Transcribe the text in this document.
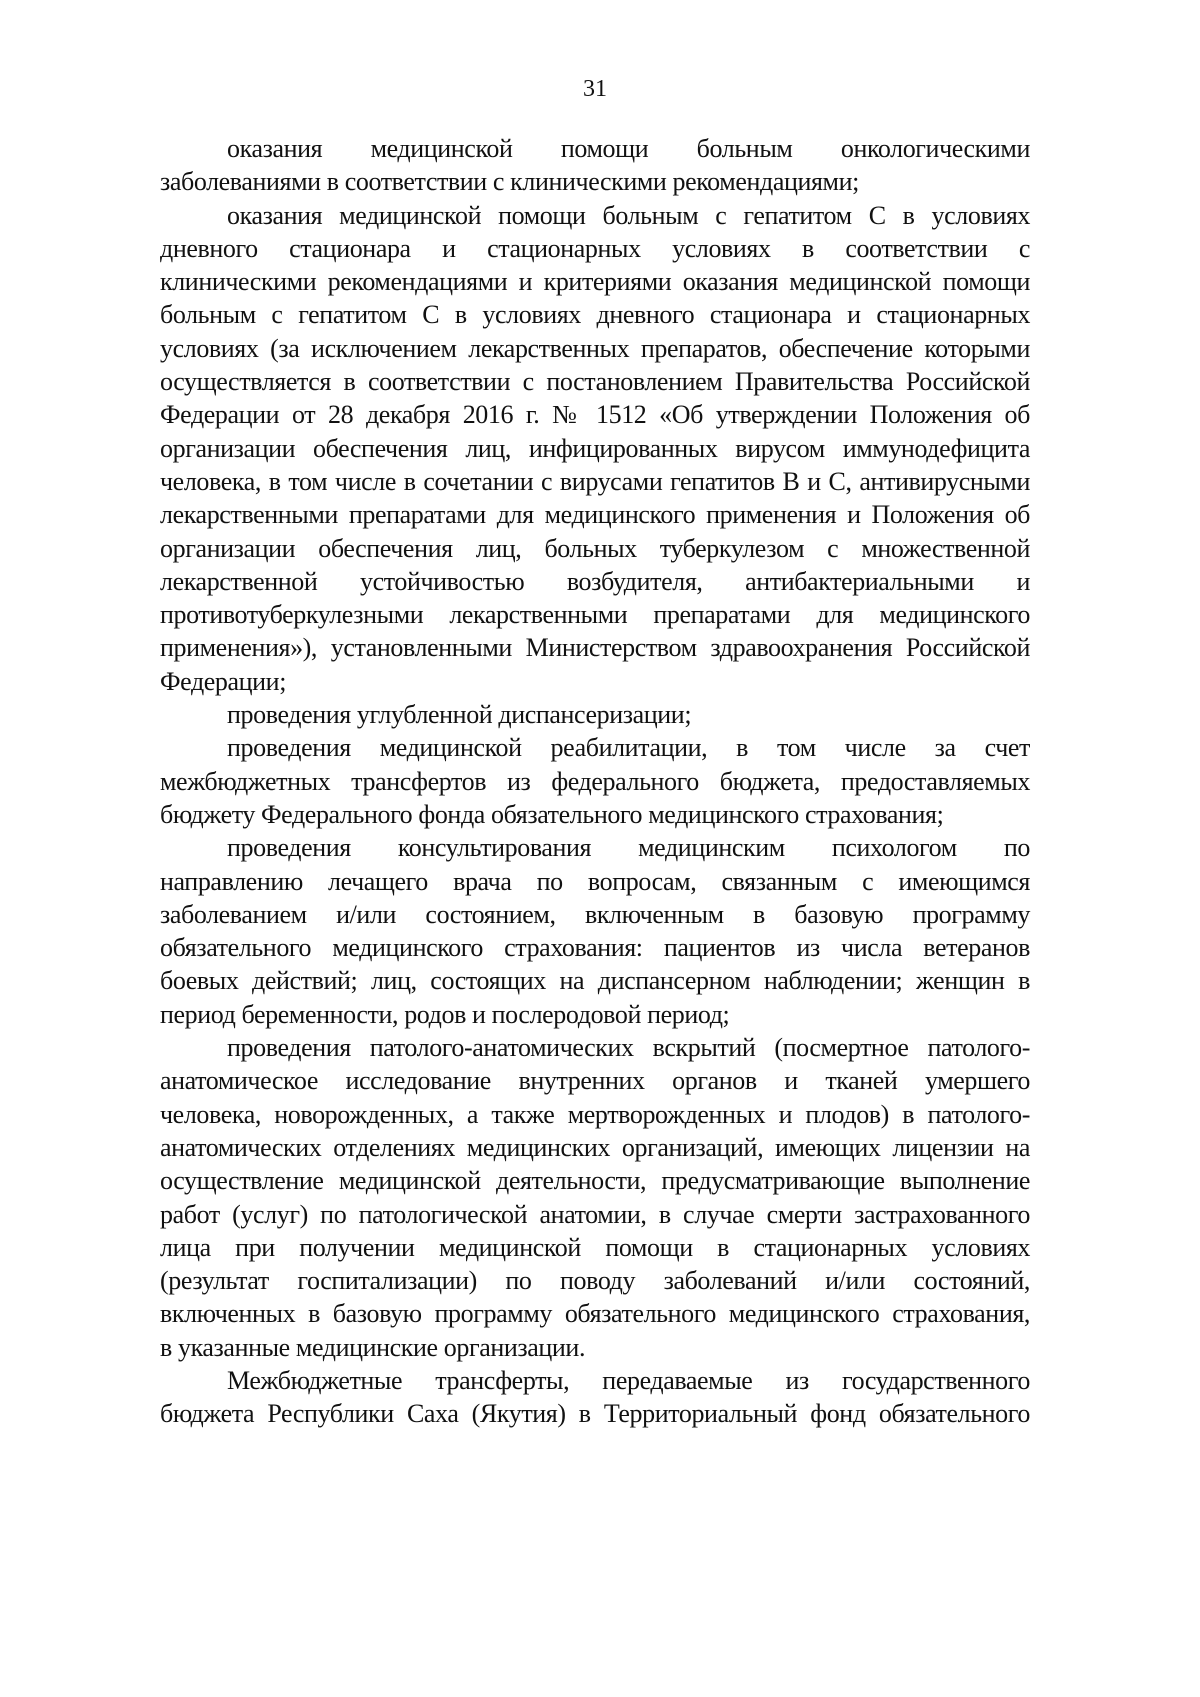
31
оказания медицинской помощи больным онкологическими
заболеваниями в соответствии с клиническими рекомендациями;
оказания медицинской помощи больным с гепатитом С в условиях
дневного стационара и стационарных условиях в соответствии с
клиническими рекомендациями и критериями оказания медицинской помощи
больным с гепатитом С в условиях дневного стационара и стационарных
условиях (за исключением лекарственных препаратов, обеспечение которыми
осуществляется в соответствии с постановлением Правительства Российской
Федерации от 28 декабря 2016 г. № 1512 «Об утверждении Положения об
организации обеспечения лиц, инфицированных вирусом иммунодефицита
человека, в том числе в сочетании с вирусами гепатитов В и С, антивирусными
лекарственными препаратами для медицинского применения и Положения об
организации обеспечения лиц, больных туберкулезом с множественной
лекарственной устойчивостью возбудителя, антибактериальными и
противотуберкулезными лекарственными препаратами для медицинского
применения»), установленными Министерством здравоохранения Российской
Федерации;
проведения углубленной диспансеризации;
проведения медицинской реабилитации, в том числе за счет
межбюджетных трансфертов из федерального бюджета, предоставляемых
бюджету Федерального фонда обязательного медицинского страхования;
проведения консультирования медицинским психологом по
направлению лечащего врача по вопросам, связанным с имеющимся
заболеванием и/или состоянием, включенным в базовую программу
обязательного медицинского страхования: пациентов из числа ветеранов
боевых действий; лиц, состоящих на диспансерном наблюдении; женщин в
период беременности, родов и послеродовой период;
проведения патолого-анатомических вскрытий (посмертное патолого-
анатомическое исследование внутренних органов и тканей умершего
человека, новорожденных, а также мертворожденных и плодов) в патолого-
анатомических отделениях медицинских организаций, имеющих лицензии на
осуществление медицинской деятельности, предусматривающие выполнение
работ (услуг) по патологической анатомии, в случае смерти застрахованного
лица при получении медицинской помощи в стационарных условиях
(результат госпитализации) по поводу заболеваний и/или состояний,
включенных в базовую программу обязательного медицинского страхования,
в указанные медицинские организации.
Межбюджетные трансферты, передаваемые из государственного
бюджета Республики Саха (Якутия) в Территориальный фонд обязательного
